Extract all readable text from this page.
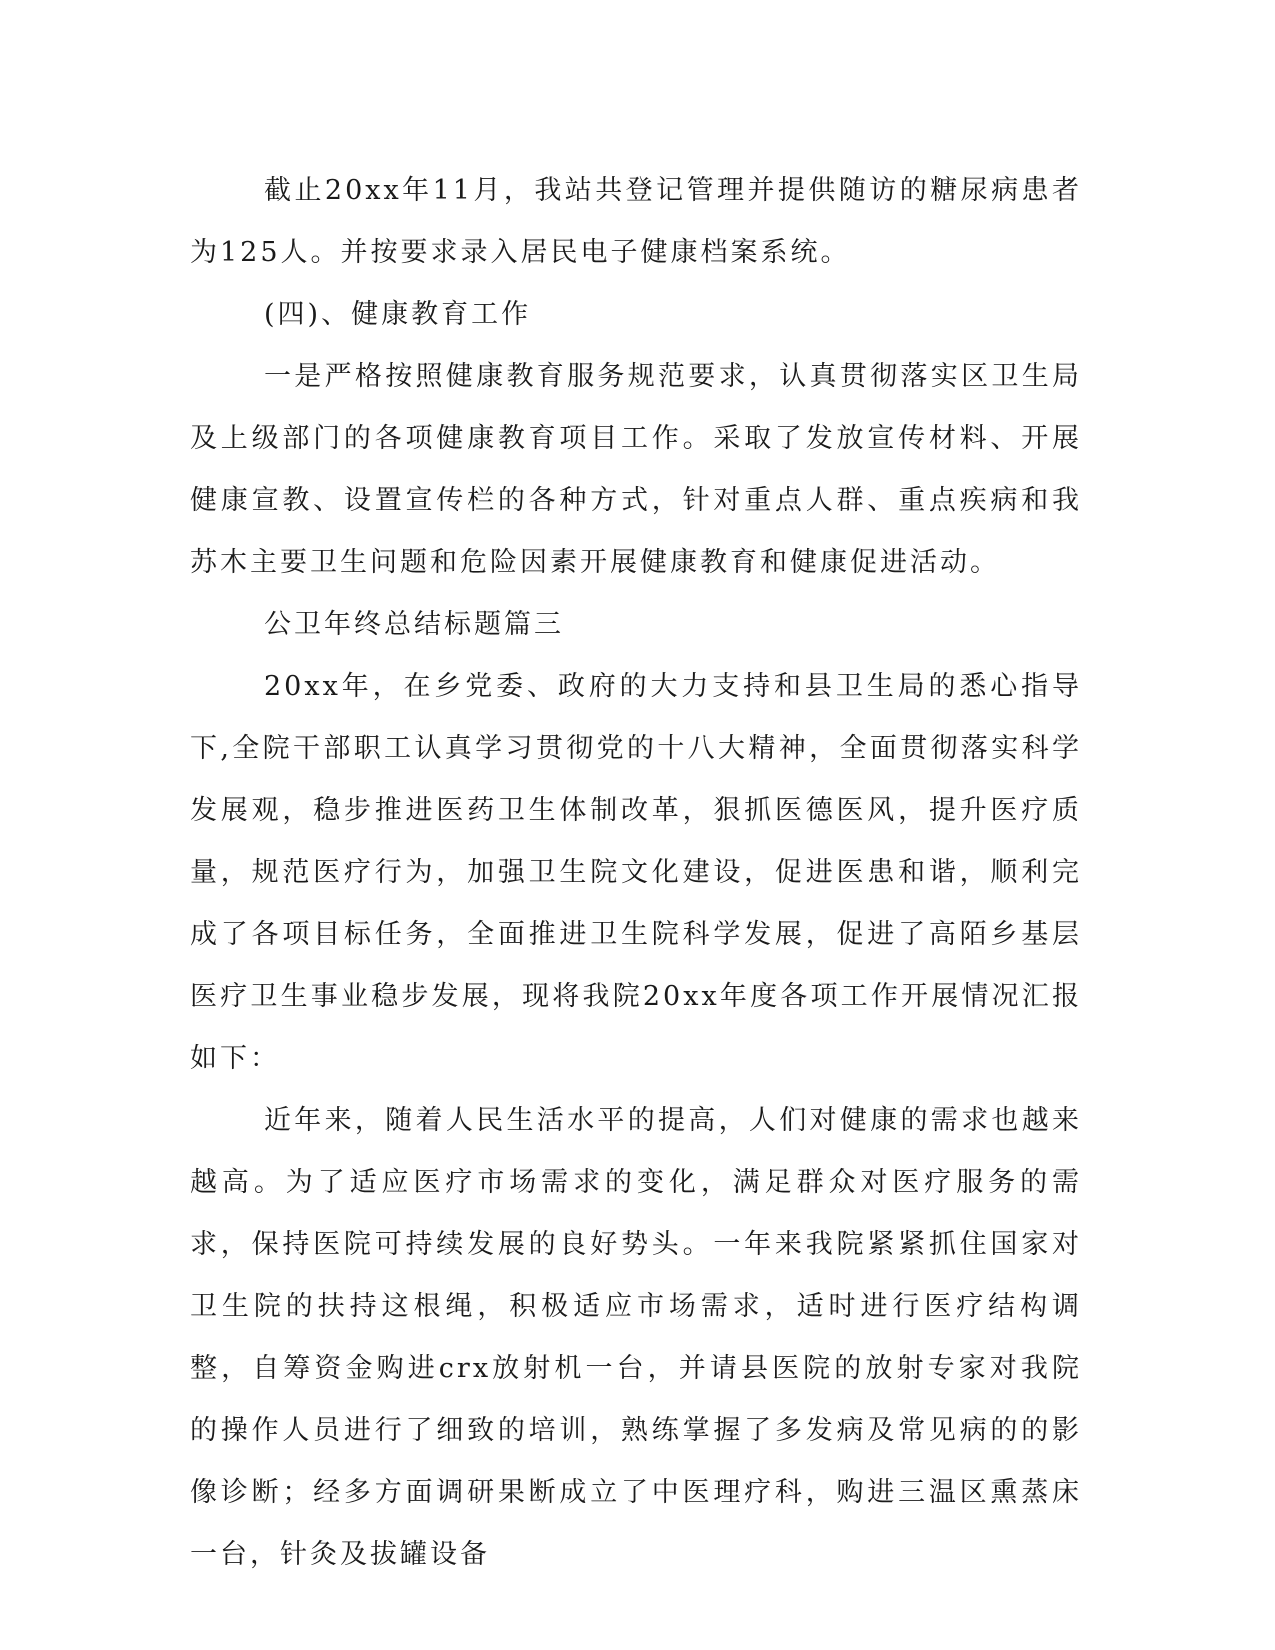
截止20xx年11月，我站共登记管理并提供随访的糖尿病患者为125人。并按要求录入居民电子健康档案系统。

(四)、健康教育工作

一是严格按照健康教育服务规范要求，认真贯彻落实区卫生局及上级部门的各项健康教育项目工作。采取了发放宣传材料、开展健康宣教、设置宣传栏的各种方式，针对重点人群、重点疾病和我苏木主要卫生问题和危险因素开展健康教育和健康促进活动。

公卫年终总结标题篇三

20xx年，在乡党委、政府的大力支持和县卫生局的悉心指导下,全院干部职工认真学习贯彻党的十八大精神，全面贯彻落实科学发展观，稳步推进医药卫生体制改革，狠抓医德医风，提升医疗质量，规范医疗行为，加强卫生院文化建设，促进医患和谐，顺利完成了各项目标任务，全面推进卫生院科学发展，促进了高陌乡基层医疗卫生事业稳步发展，现将我院20xx年度各项工作开展情况汇报如下：

近年来，随着人民生活水平的提高，人们对健康的需求也越来越高。为了适应医疗市场需求的变化，满足群众对医疗服务的需求，保持医院可持续发展的良好势头。一年来我院紧紧抓住国家对卫生院的扶持这根绳，积极适应市场需求，适时进行医疗结构调整，自筹资金购进crx放射机一台，并请县医院的放射专家对我院的操作人员进行了细致的培训，熟练掌握了多发病及常见病的的影像诊断；经多方面调研果断成立了中医理疗科，购进三温区熏蒸床一台，针灸及拔罐设备
